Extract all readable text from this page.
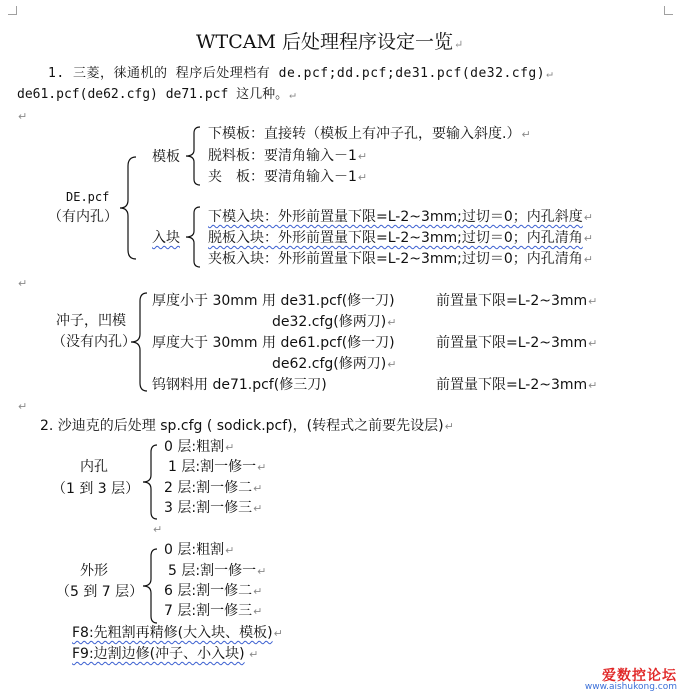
WTCAM 后处理程序设定一览↵
1. 三菱，徕通机的 程序后处理档有 de.pcf;dd.pcf;de31.pcf(de32.cfg)↵
de61.pcf(de62.cfg) de71.pcf 这几种。↵
↵
DE.pcf
（有内孔）
模板
下模板：直接转（模板上有冲子孔，要输入斜度.）↵
脱料板：要清角输入－1↵
夹　板：要清角输入－1↵
入块
下模入块：外形前置量下限=L-2~3mm;过切＝0；内孔斜度↵
脱板入块：外形前置量下限=L-2~3mm;过切＝0；内孔清角↵
夹板入块：外形前置量下限=L-2~3mm;过切＝0；内孔清角↵
↵
冲子，凹模
（没有内孔）
厚度小于 30mm 用 de31.pcf(修一刀)	前置量下限=L-2~3mm↵
de32.cfg(修两刀)↵
厚度大于 30mm 用 de61.pcf(修一刀)	前置量下限=L-2~3mm↵
de62.cfg(修两刀)↵
钨钢料用 de71.pcf(修三刀)	前置量下限=L-2~3mm↵
↵
2. 沙迪克的后处理 sp.cfg ( sodick.pcf)，(转程式之前要先设层)↵
内孔
（1 到 3 层）
0 层:粗割↵
1 层:割一修一↵
2 层:割一修二↵
3 层:割一修三↵
↵
外形
（5 到 7 层）
0 层:粗割↵
5 层:割一修一↵
6 层:割一修二↵
7 层:割一修三↵
F8:先粗割再精修(大入块、模板)↵
F9:边割边修(冲子、小入块) ↵
爱数控论坛
www.aishukong.com
